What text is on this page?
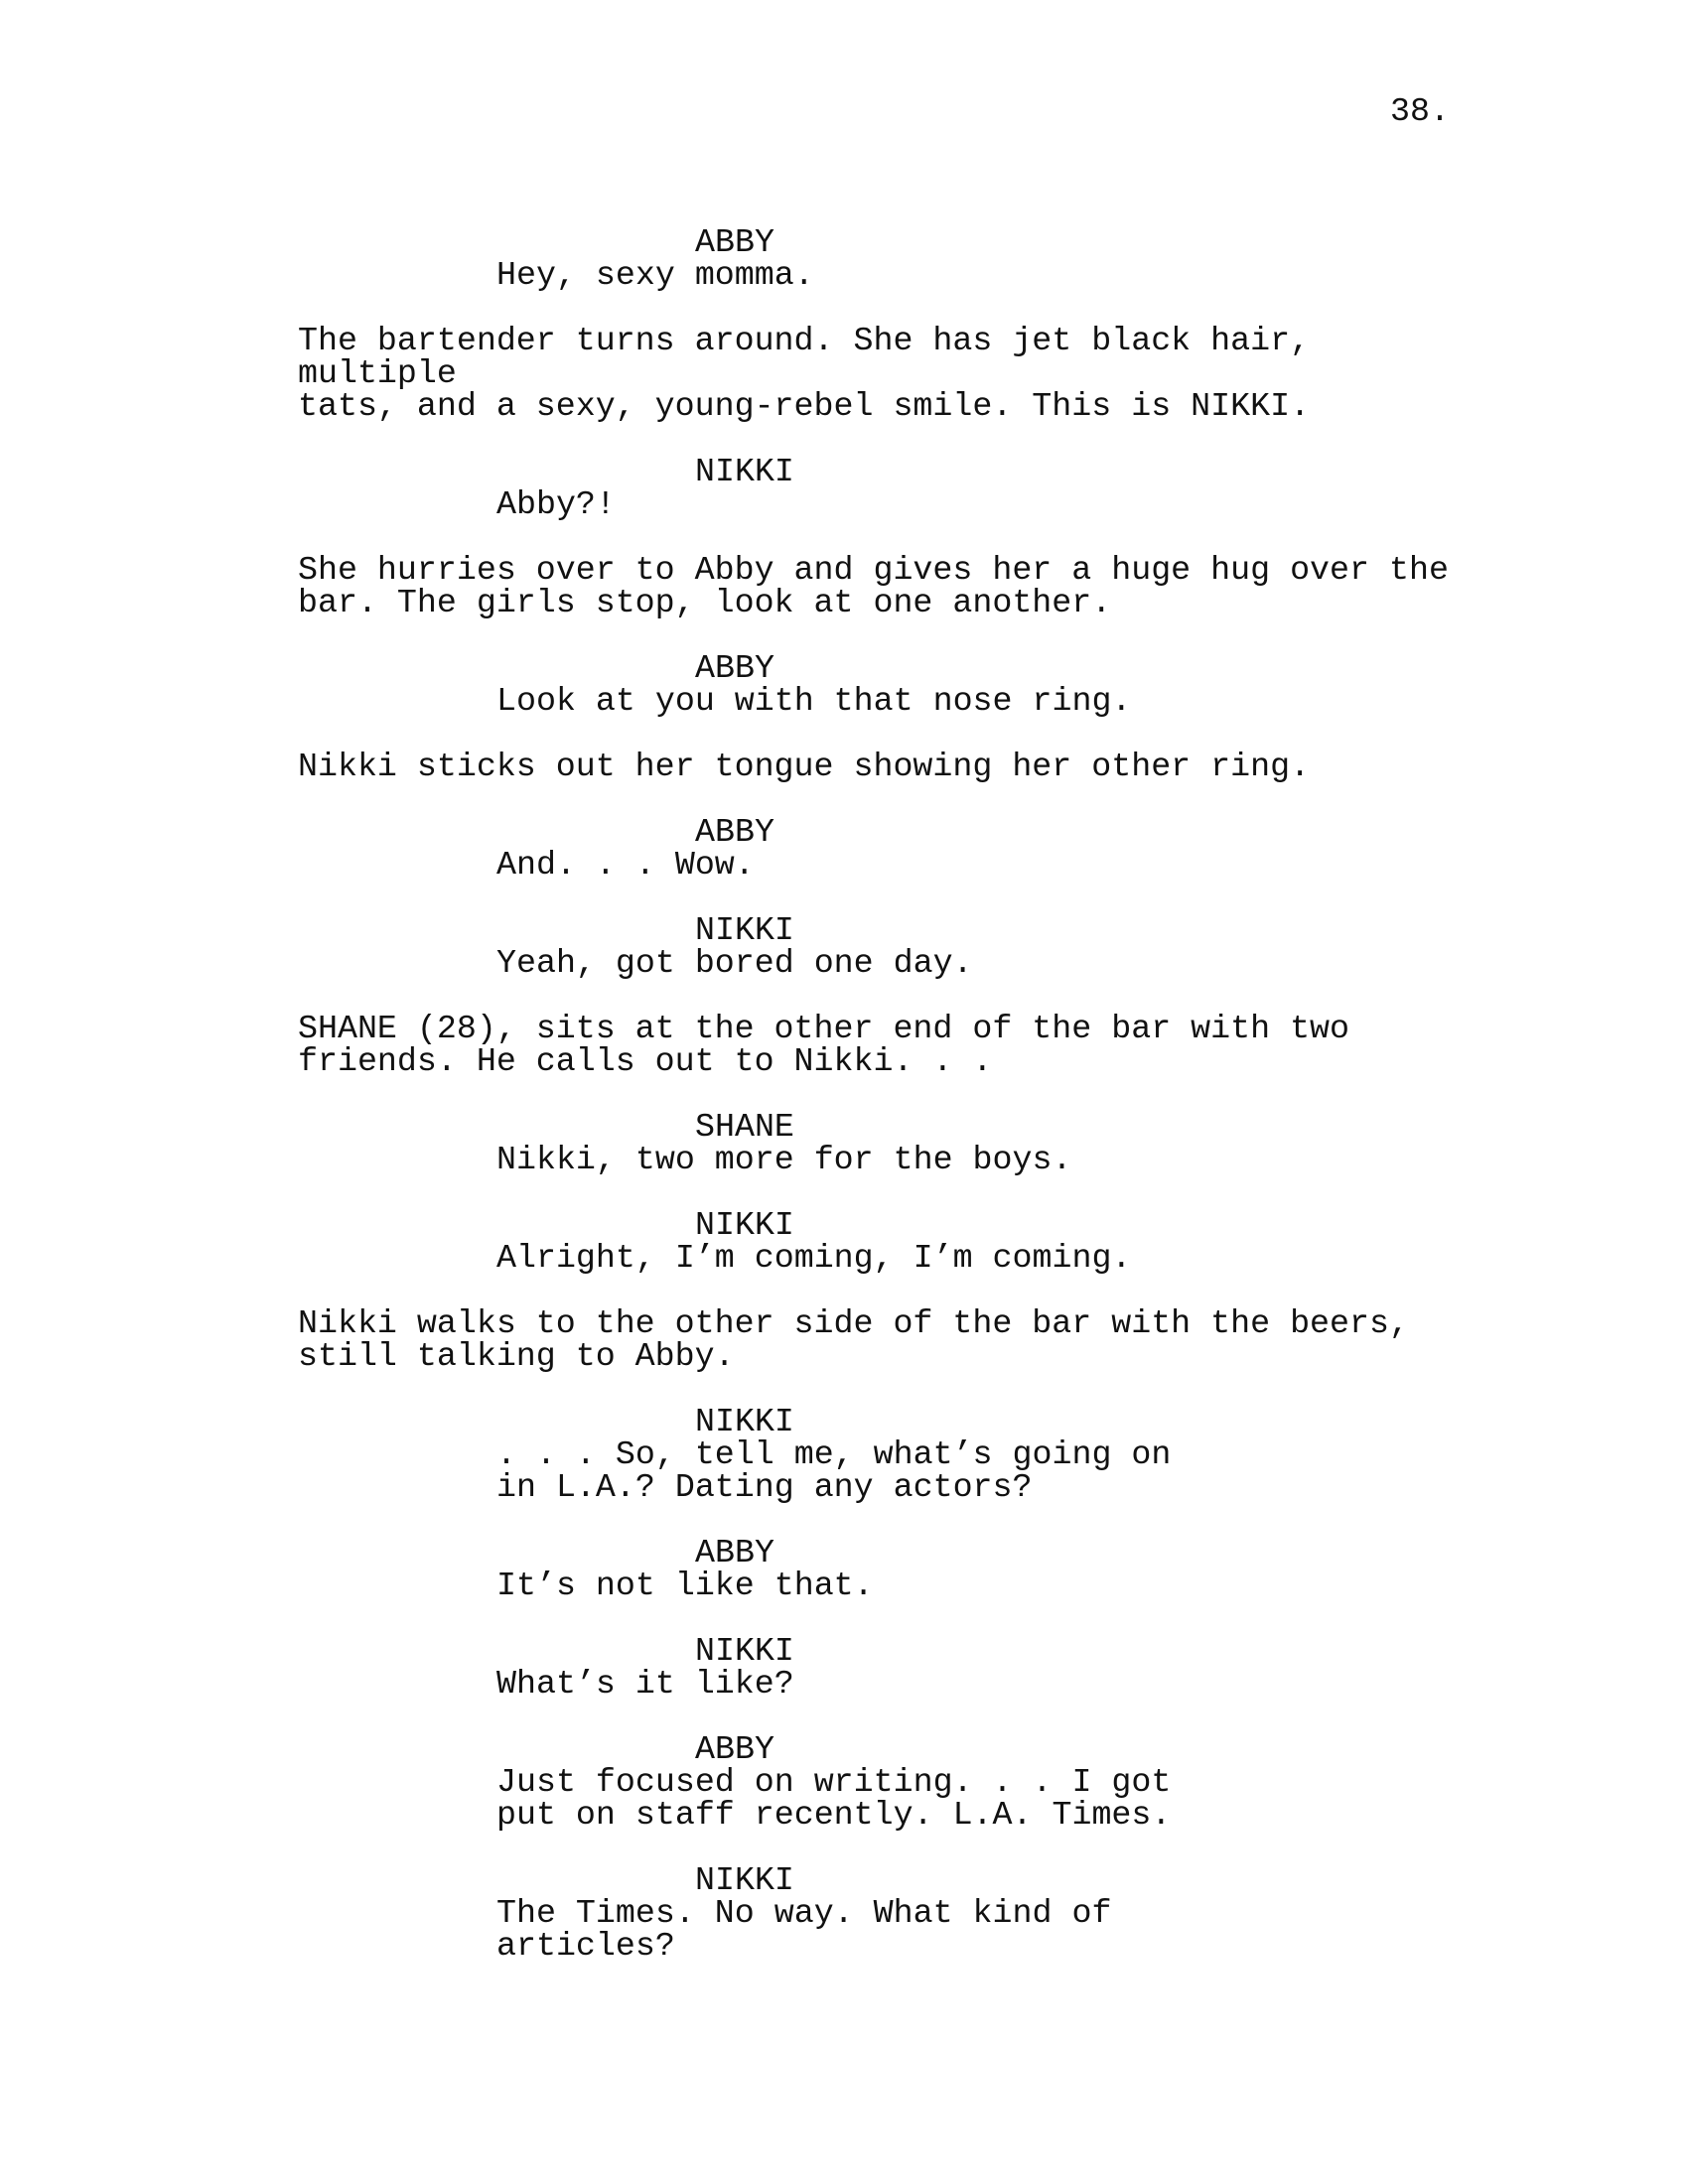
38.
ABBY
Hey, sexy momma.
The bartender turns around. She has jet black hair, multiple
tats, and a sexy, young-rebel smile. This is NIKKI.
NIKKI
Abby?!
She hurries over to Abby and gives her a huge hug over the
bar. The girls stop, look at one another.
ABBY
Look at you with that nose ring.
Nikki sticks out her tongue showing her other ring.
ABBY
And. . . Wow.
NIKKI
Yeah, got bored one day.
SHANE (28), sits at the other end of the bar with two
friends. He calls out to Nikki. . .
SHANE
Nikki, two more for the boys.
NIKKI
Alright, I’m coming, I’m coming.
Nikki walks to the other side of the bar with the beers,
still talking to Abby.
NIKKI
. . . So, tell me, what’s going on
in L.A.? Dating any actors?
ABBY
It’s not like that.
NIKKI
What’s it like?
ABBY
Just focused on writing. . . I got
put on staff recently. L.A. Times.
NIKKI
The Times. No way. What kind of
articles?
